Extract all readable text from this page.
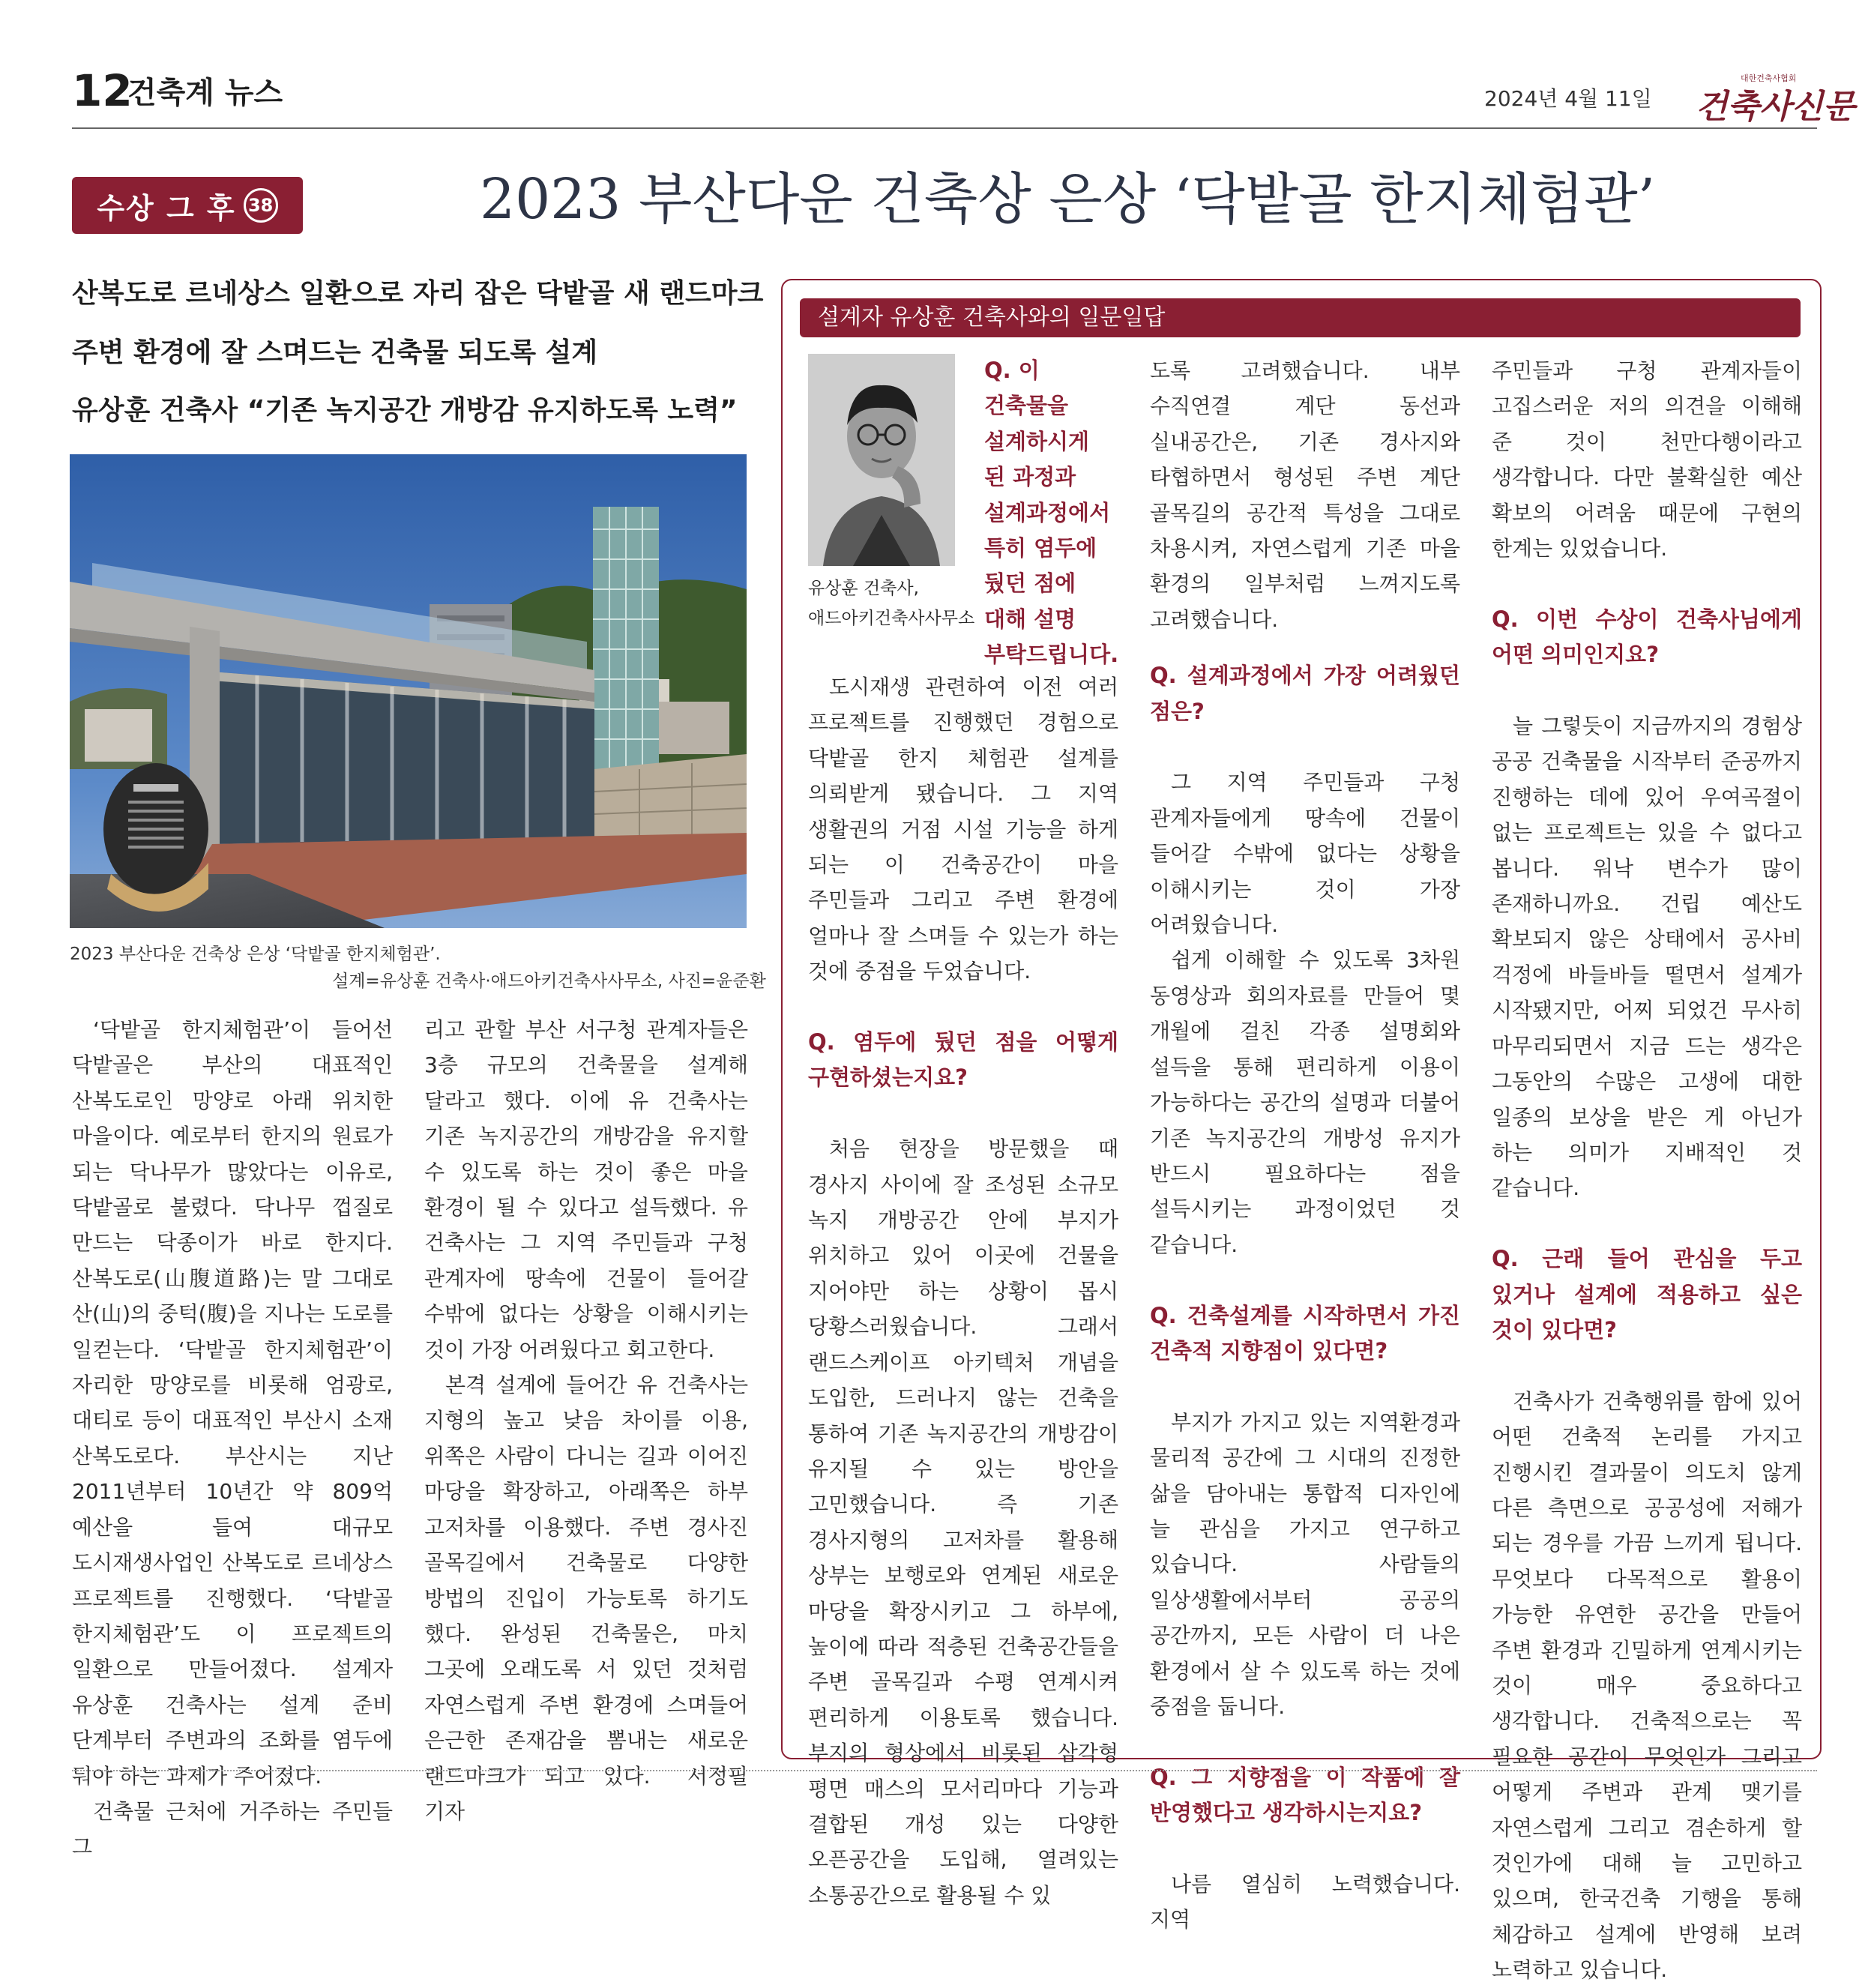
12
건축계 뉴스	2024년 4월 11일
대한건축사협회
건축사신문
수상 그 후 38	2023 부산다운 건축상 은상 ‘닥밭골 한지체험관’
산복도로 르네상스 일환으로 자리 잡은 닥밭골 새 랜드마크
주변 환경에 잘 스며드는 건축물 되도록 설계
유상훈 건축사 “기존 녹지공간 개방감 유지하도록 노력”
2023 부산다운 건축상 은상 ‘닥밭골 한지체험관’.
설계=유상훈 건축사·애드아키건축사사무소, 사진=윤준환

‘닥밭골 한지체험관’이 들어선 닥밭골은 부산의 대표적인 산복도로인 망양로 아래 위치한 마을이다. 예로부터 한지의 원료가 되는 닥나무가 많았다는 이유로, 닥밭골로 불렸다. 닥나무 껍질로 만드는 닥종이가 바로 한지다. 산복도로(山腹道路)는 말 그대로 산(山)의 중턱(腹)을 지나는 도로를 일컫는다. ‘닥밭골 한지체험관’이 자리한 망양로를 비롯해 엄광로, 대티로 등이 대표적인 부산시 소재 산복도로다. 부산시는 지난 2011년부터 10년간 약 809억 예산을 들여 대규모 도시재생사업인 산복도로 르네상스 프로젝트를 진행했다. ‘닥밭골 한지체험관’도 이 프로젝트의 일환으로 만들어졌다. 설계자 유상훈 건축사는 설계 준비 단계부터 주변과의 조화를 염두에 둬야 하는 과제가 주어졌다.

건축물 근처에 거주하는 주민들 그

리고 관할 부산 서구청 관계자들은 3층 규모의 건축물을 설계해 달라고 했다. 이에 유 건축사는 기존 녹지공간의 개방감을 유지할 수 있도록 하는 것이 좋은 마을 환경이 될 수 있다고 설득했다. 유 건축사는 그 지역 주민들과 구청 관계자에 땅속에 건물이 들어갈 수밖에 없다는 상황을 이해시키는 것이 가장 어려웠다고 회고한다.

본격 설계에 들어간 유 건축사는 지형의 높고 낮음 차이를 이용, 위쪽은 사람이 다니는 길과 이어진 마당을 확장하고, 아래쪽은 하부 고저차를 이용했다. 주변 경사진 골목길에서 건축물로 다양한 방법의 진입이 가능토록 하기도 했다. 완성된 건축물은, 마치 그곳에 오래도록 서 있던 것처럼 자연스럽게 주변 환경에 스며들어 은근한 존재감을 뽐내는 새로운 랜드마크가 되고 있다. 서정필 기자

설계자 유상훈 건축사와의 일문일답
유상훈 건축사,
애드아키건축사사무소
Q. 이 건축물을 설계하시게 된 과정과 설계과정에서 특히 염두에 뒀던 점에 대해 설명 부탁드립니다.

도시재생 관련하여 이전 여러 프로젝트를 진행했던 경험으로 닥밭골 한지 체험관 설계를 의뢰받게 됐습니다. 그 지역 생활권의 거점 시설 기능을 하게 되는 이 건축공간이 마을 주민들과 그리고 주변 환경에 얼마나 잘 스며들 수 있는가 하는 것에 중점을 두었습니다.

Q. 염두에 뒀던 점을 어떻게 구현하셨는지요?

처음 현장을 방문했을 때 경사지 사이에 잘 조성된 소규모 녹지 개방공간 안에 부지가 위치하고 있어 이곳에 건물을 지어야만 하는 상황이 몹시 당황스러웠습니다. 그래서 랜드스케이프 아키텍처 개념을 도입한, 드러나지 않는 건축을 통하여 기존 녹지공간의 개방감이 유지될 수 있는 방안을 고민했습니다. 즉 기존 경사지형의 고저차를 활용해 상부는 보행로와 연계된 새로운 마당을 확장시키고 그 하부에, 높이에 따라 적층된 건축공간들을 주변 골목길과 수평 연계시켜 편리하게 이용토록 했습니다. 부지의 형상에서 비롯된 삼각형 평면 매스의 모서리마다 기능과 결합된 개성 있는 다양한 오픈공간을 도입해, 열려있는 소통공간으로 활용될 수 있

도록 고려했습니다. 내부 수직연결 계단 동선과 실내공간은, 기존 경사지와 타협하면서 형성된 주변 계단 골목길의 공간적 특성을 그대로 차용시켜, 자연스럽게 기존 마을 환경의 일부처럼 느껴지도록 고려했습니다.

Q. 설계과정에서 가장 어려웠던 점은?

그 지역 주민들과 구청 관계자들에게 땅속에 건물이 들어갈 수밖에 없다는 상황을 이해시키는 것이 가장 어려웠습니다.

쉽게 이해할 수 있도록 3차원 동영상과 회의자료를 만들어 몇 개월에 걸친 각종 설명회와 설득을 통해 편리하게 이용이 가능하다는 공간의 설명과 더불어 기존 녹지공간의 개방성 유지가 반드시 필요하다는 점을 설득시키는 과정이었던 것 같습니다.

Q. 건축설계를 시작하면서 가진 건축적 지향점이 있다면?

부지가 가지고 있는 지역환경과 물리적 공간에 그 시대의 진정한 삶을 담아내는 통합적 디자인에 늘 관심을 가지고 연구하고 있습니다. 사람들의 일상생활에서부터 공공의 공간까지, 모든 사람이 더 나은 환경에서 살 수 있도록 하는 것에 중점을 둡니다.

Q. 그 지향점을 이 작품에 잘 반영했다고 생각하시는지요?

나름 열심히 노력했습니다. 지역

주민들과 구청 관계자들이 고집스러운 저의 의견을 이해해 준 것이 천만다행이라고 생각합니다. 다만 불확실한 예산 확보의 어려움 때문에 구현의 한계는 있었습니다.

Q. 이번 수상이 건축사님에게 어떤 의미인지요?

늘 그렇듯이 지금까지의 경험상 공공 건축물을 시작부터 준공까지 진행하는 데에 있어 우여곡절이 없는 프로젝트는 있을 수 없다고 봅니다. 워낙 변수가 많이 존재하니까요. 건립 예산도 확보되지 않은 상태에서 공사비 걱정에 바들바들 떨면서 설계가 시작됐지만, 어찌 되었건 무사히 마무리되면서 지금 드는 생각은 그동안의 수많은 고생에 대한 일종의 보상을 받은 게 아닌가 하는 의미가 지배적인 것 같습니다.

Q. 근래 들어 관심을 두고 있거나 설계에 적용하고 싶은 것이 있다면?

건축사가 건축행위를 함에 있어 어떤 건축적 논리를 가지고 진행시킨 결과물이 의도치 않게 다른 측면으로 공공성에 저해가 되는 경우를 가끔 느끼게 됩니다. 무엇보다 다목적으로 활용이 가능한 유연한 공간을 만들어 주변 환경과 긴밀하게 연계시키는 것이 매우 중요하다고 생각합니다. 건축적으로는 꼭 필요한 공간이 무엇인가 그리고 어떻게 주변과 관계 맺기를 자연스럽게 그리고 겸손하게 할 것인가에 대해 늘 고민하고 있으며, 한국건축 기행을 통해 체감하고 설계에 반영해 보려 노력하고 있습니다.
